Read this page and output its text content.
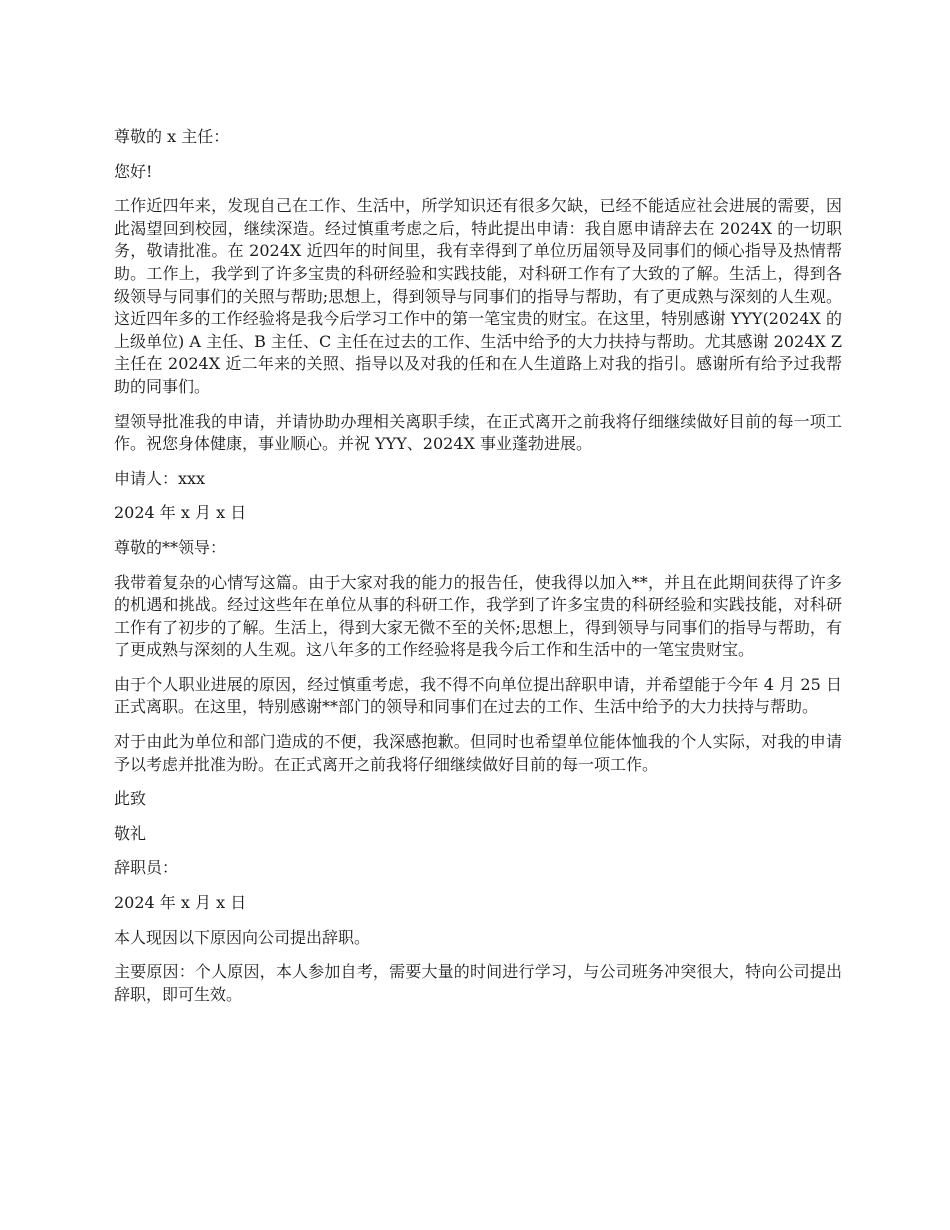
尊敬的 x 主任：

您好!

工作近四年来，发现自己在工作、生活中，所学知识还有很多欠缺，已经不能适应社会进展的需要，因此渴望回到校园，继续深造。经过慎重考虑之后，特此提出申请：我自愿申请辞去在 2024X 的一切职务，敬请批准。在 2024X 近四年的时间里，我有幸得到了单位历届领导及同事们的倾心指导及热情帮助。工作上，我学到了许多宝贵的科研经验和实践技能，对科研工作有了大致的了解。生活上，得到各级领导与同事们的关照与帮助;思想上，得到领导与同事们的指导与帮助，有了更成熟与深刻的人生观。这近四年多的工作经验将是我今后学习工作中的第一笔宝贵的财宝。在这里，特别感谢 YYY(2024X 的上级单位) A 主任、B 主任、C 主任在过去的工作、生活中给予的大力扶持与帮助。尤其感谢 2024X Z 主任在 2024X 近二年来的关照、指导以及对我的任和在人生道路上对我的指引。感谢所有给予过我帮助的同事们。

望领导批准我的申请，并请协助办理相关离职手续，在正式离开之前我将仔细继续做好目前的每一项工作。祝您身体健康，事业顺心。并祝 YYY、2024X 事业蓬勃进展。

申请人：xxx

2024 年 x 月 x 日

尊敬的**领导：

我带着复杂的心情写这篇。由于大家对我的能力的报告任，使我得以加入**，并且在此期间获得了许多的机遇和挑战。经过这些年在单位从事的科研工作，我学到了许多宝贵的科研经验和实践技能，对科研工作有了初步的了解。生活上，得到大家无微不至的关怀;思想上，得到领导与同事们的指导与帮助，有了更成熟与深刻的人生观。这八年多的工作经验将是我今后工作和生活中的一笔宝贵财宝。

由于个人职业进展的原因，经过慎重考虑，我不得不向单位提出辞职申请，并希望能于今年 4 月 25 日正式离职。在这里，特别感谢**部门的领导和同事们在过去的工作、生活中给予的大力扶持与帮助。

对于由此为单位和部门造成的不便，我深感抱歉。但同时也希望单位能体恤我的个人实际，对我的申请予以考虑并批准为盼。在正式离开之前我将仔细继续做好目前的每一项工作。

此致

敬礼

辞职员：

2024 年 x 月 x 日

本人现因以下原因向公司提出辞职。

主要原因：个人原因，本人参加自考，需要大量的时间进行学习，与公司班务冲突很大，特向公司提出辞职，即可生效。
